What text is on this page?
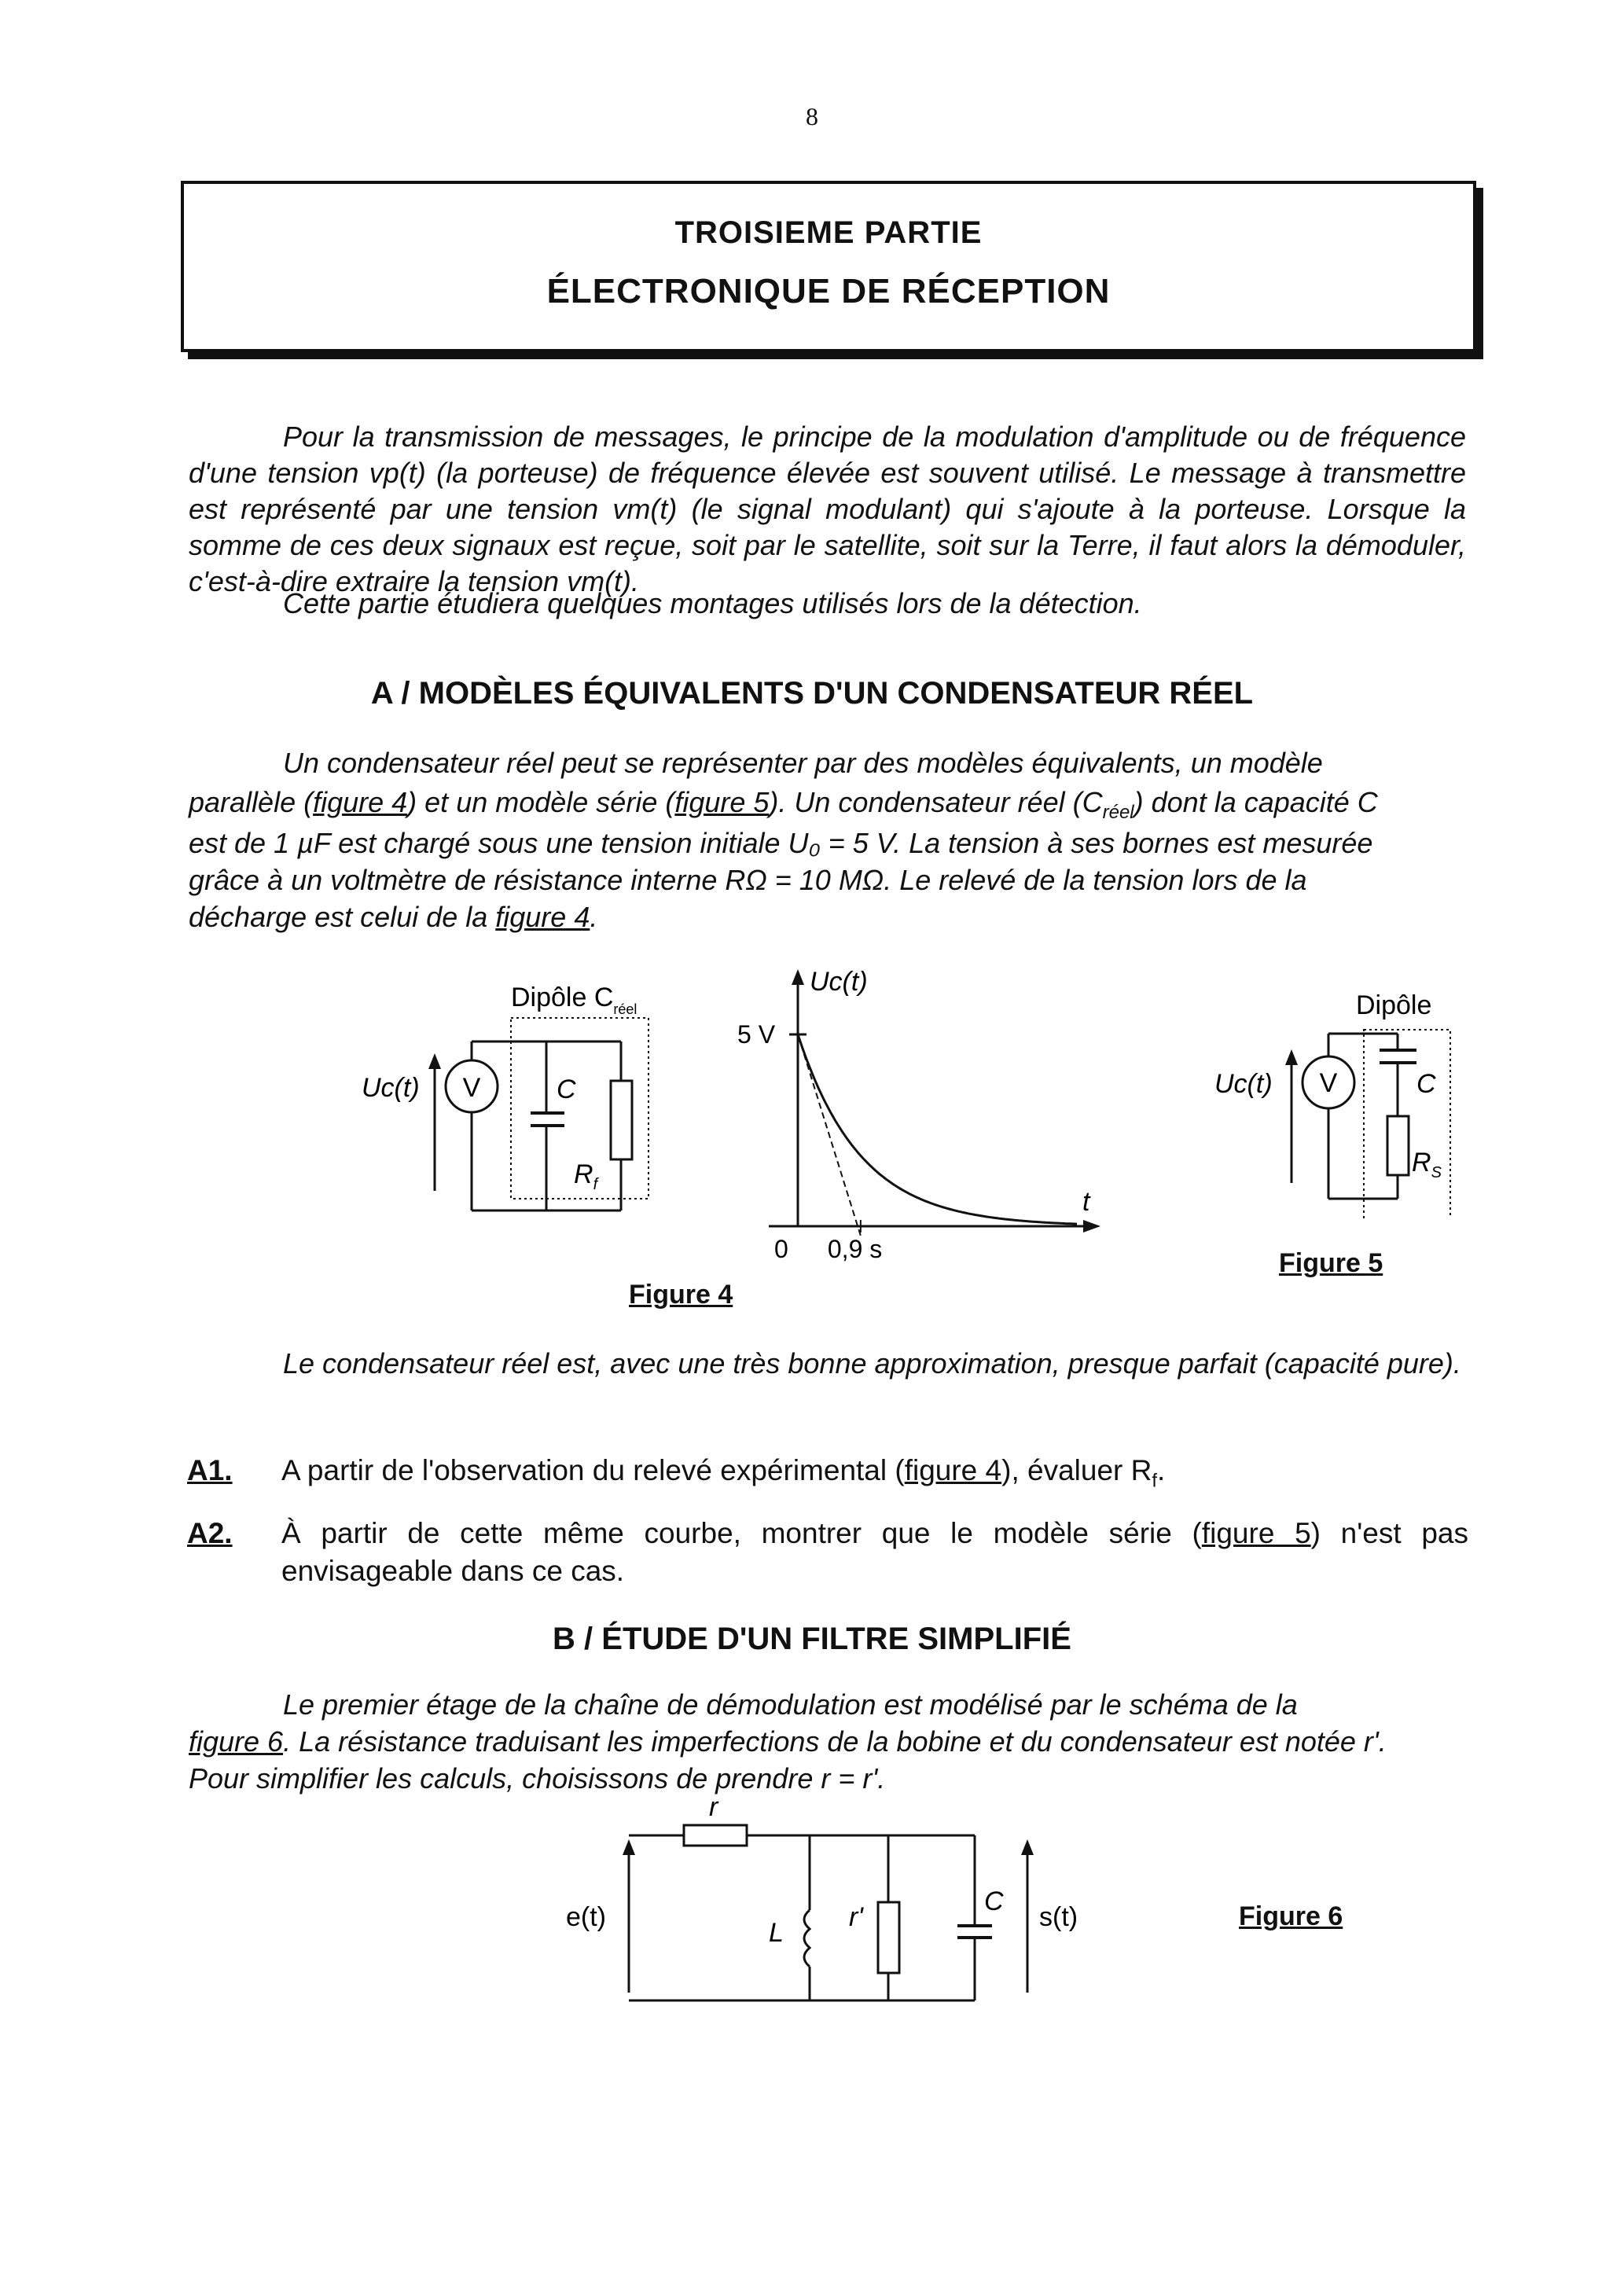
8
TROISIEME PARTIE
ÉLECTRONIQUE DE RÉCEPTION
Pour la transmission de messages, le principe de la modulation d'amplitude ou de fréquence d'une tension vp(t) (la porteuse) de fréquence élevée est souvent utilisé. Le message à transmettre est représenté par une tension vm(t) (le signal modulant) qui s'ajoute à la porteuse. Lorsque la somme de ces deux signaux est reçue, soit par le satellite, soit sur la Terre, il faut alors la démoduler, c'est-à-dire extraire la tension vm(t).
Cette partie étudiera quelques montages utilisés lors de la détection.
A / MODÈLES ÉQUIVALENTS D'UN CONDENSATEUR RÉEL
Un condensateur réel peut se représenter par des modèles équivalents, un modèle
parallèle (figure 4) et un modèle série (figure 5). Un condensateur réel $(C_{réel})$ dont la capacité C
est de 1 µF est chargé sous une tension initiale U₀ = 5 V. La tension à ses bornes est mesurée
grâce à un voltmètre de résistance interne RΩ = 10 MΩ. Le relevé de la tension lors de la
décharge est celui de la figure 4.
V
Dipôle $C_{réel}$
Uc(t)	C
$R_f$
Uc(t)
5 V
0 0,9 s
t
V
Dipôle
Uc(t)	C
$R_S$
Figure 4
Figure 5
Le condensateur réel est, avec une très bonne approximation, presque parfait (capacité pure).
A1. A partir de l'observation du relevé expérimental (figure 4), évaluer $R_f$.
A2. À partir de cette même courbe, montrer que le modèle série (figure 5) n'est pas envisageable dans ce cas.
B / ÉTUDE D'UN FILTRE SIMPLIFIÉ
Le premier étage de la chaîne de démodulation est modélisé par le schéma de la
figure 6. La résistance traduisant les imperfections de la bobine et du condensateur est notée r'.
Pour simplifier les calculs, choisissons de prendre r = r'.
r
e(t)
L
r'
C
s(t)	Figure 6
